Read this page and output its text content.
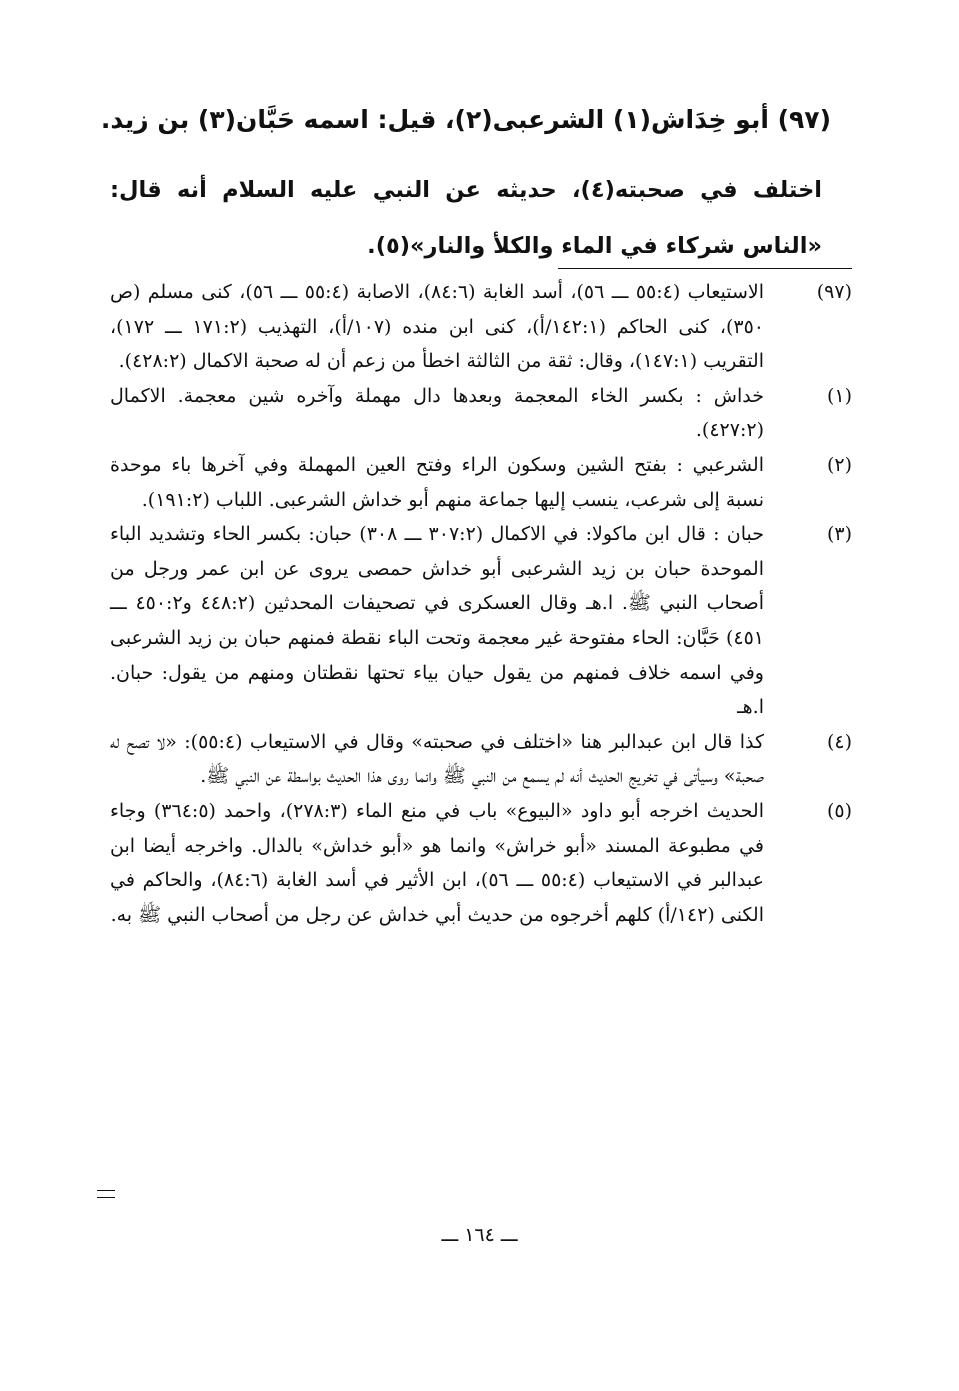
(٩٧) أبو خِدَاش(١) الشرعبى(٢)، قيل: اسمه حَبَّان(٣) بن زيد.

اختلف في صحبته(٤)، حديثه عن النبي عليه السلام أنه قال: «الناس شركاء في الماء والكلأ والنار»(٥).

(٩٧)
الاستيعاب (٥٥:٤ ـــ ٥٦)، أسد الغابة (٨٤:٦)، الاصابة (٥٥:٤ ـــ ٥٦)، كنى مسلم (ص ٣٥٠)، كنى الحاكم (١٤٢:١/أ)، كنى ابن منده (١٠٧/أ)، التهذيب (١٧١:٢ ـــ ١٧٢)، التقريب (١٤٧:١)، وقال: ثقة من الثالثة اخطأ من زعم أن له صحبة الاكمال (٤٢٨:٢).
(١)
خداش : بكسر الخاء المعجمة وبعدها دال مهملة وآخره شين معجمة. الاكمال (٤٢٧:٢).
(٢)
الشرعبي : بفتح الشين وسكون الراء وفتح العين المهملة وفي آخرها باء موحدة نسبة إلى شرعب، ينسب إليها جماعة منهم أبو خداش الشرعبى. اللباب (١٩١:٢).
(٣)
حبان : قال ابن ماكولا: في الاكمال (٣٠٧:٢ ـــ ٣٠٨) حبان: بكسر الحاء وتشديد الباء الموحدة حبان بن زيد الشرعبى أبو خداش حمصى يروى عن ابن عمر ورجل من أصحاب النبي ﷺ. ا.هـ وقال العسكرى في تصحيفات المحدثين (٤٤٨:٢ و٤٥٠:٢ ـــ ٤٥١) حَبَّان: الحاء مفتوحة غير معجمة وتحت الباء نقطة فمنهم حبان بن زيد الشرعبى وفي اسمه خلاف فمنهم من يقول حيان بياء تحتها نقطتان ومنهم من يقول: حبان. ا.هـ
(٤)
كذا قال ابن عبدالبر هنا «اختلف في صحبته» وقال في الاستيعاب (٥٥:٤): «لا تصح له صحبة» وسيأتى في تخريج الحديث أنه لم يسمع من النبي ﷺ وانما روى هذا الحديث بواسطة عن النبي ﷺ.
(٥)
الحديث اخرجه أبو داود «البيوع» باب في منع الماء (٢٧٨:٣)، واحمد (٣٦٤:٥) وجاء في مطبوعة المسند «أبو خراش» وانما هو «أبو خداش» بالدال. واخرجه أيضا ابن عبدالبر في الاستيعاب (٥٥:٤ ـــ ٥٦)، ابن الأثير في أسد الغابة (٨٤:٦)، والحاكم في الكنى (١٤٢/أ) كلهم أخرجوه من حديث أبي خداش عن رجل من أصحاب النبي ﷺ به.
ـــ ١٦٤ ـــ
